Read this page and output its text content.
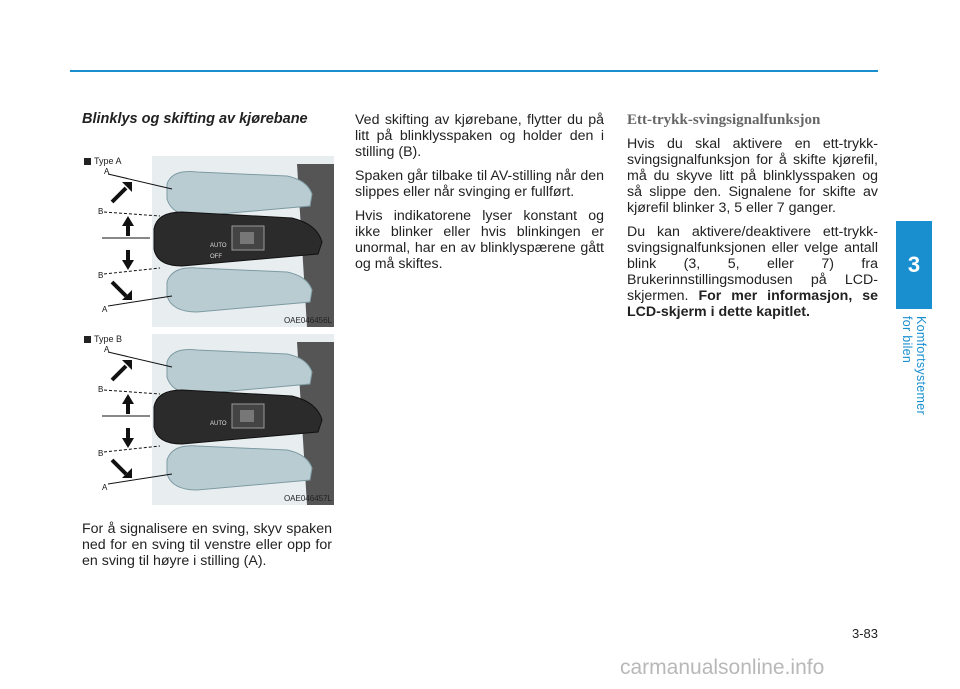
3
Komfortsystemer for bilen

Blinklys og skifting av kjørebane

OFF
AUTO
A
B
B
A
Type A
OAE046456L
AUTO
A
B
B
A
Type B
OAE046457L
For å signalisere en sving, skyv spaken ned for en sving til venstre eller opp for en sving til høyre i stilling (A).

Ved skifting av kjørebane, flytter du på litt på blinklysspaken og holder den i stilling (B).

Spaken går tilbake til AV-stilling når den slippes eller når svinging er fullført.

Hvis indikatorene lyser konstant og ikke blinker eller hvis blinkingen er unormal, har en av blinklyspærene gått og må skiftes.

Ett-trykk-svingsignalfunksjon

Hvis du skal aktivere en ett-trykk-svingsignalfunksjon for å skifte kjørefil, må du skyve litt på blinklysspaken og så slippe den. Signalene for skifte av kjørefil blinker 3, 5 eller 7 ganger.

Du kan aktivere/deaktivere ett-trykk-svingsignalfunksjonen eller velge antall blink (3, 5, eller 7) fra Brukerinnstillingsmodusen på LCD-skjermen. For mer informasjon, se LCD-skjerm i dette kapitlet.

3-83
carmanualsonline.info
